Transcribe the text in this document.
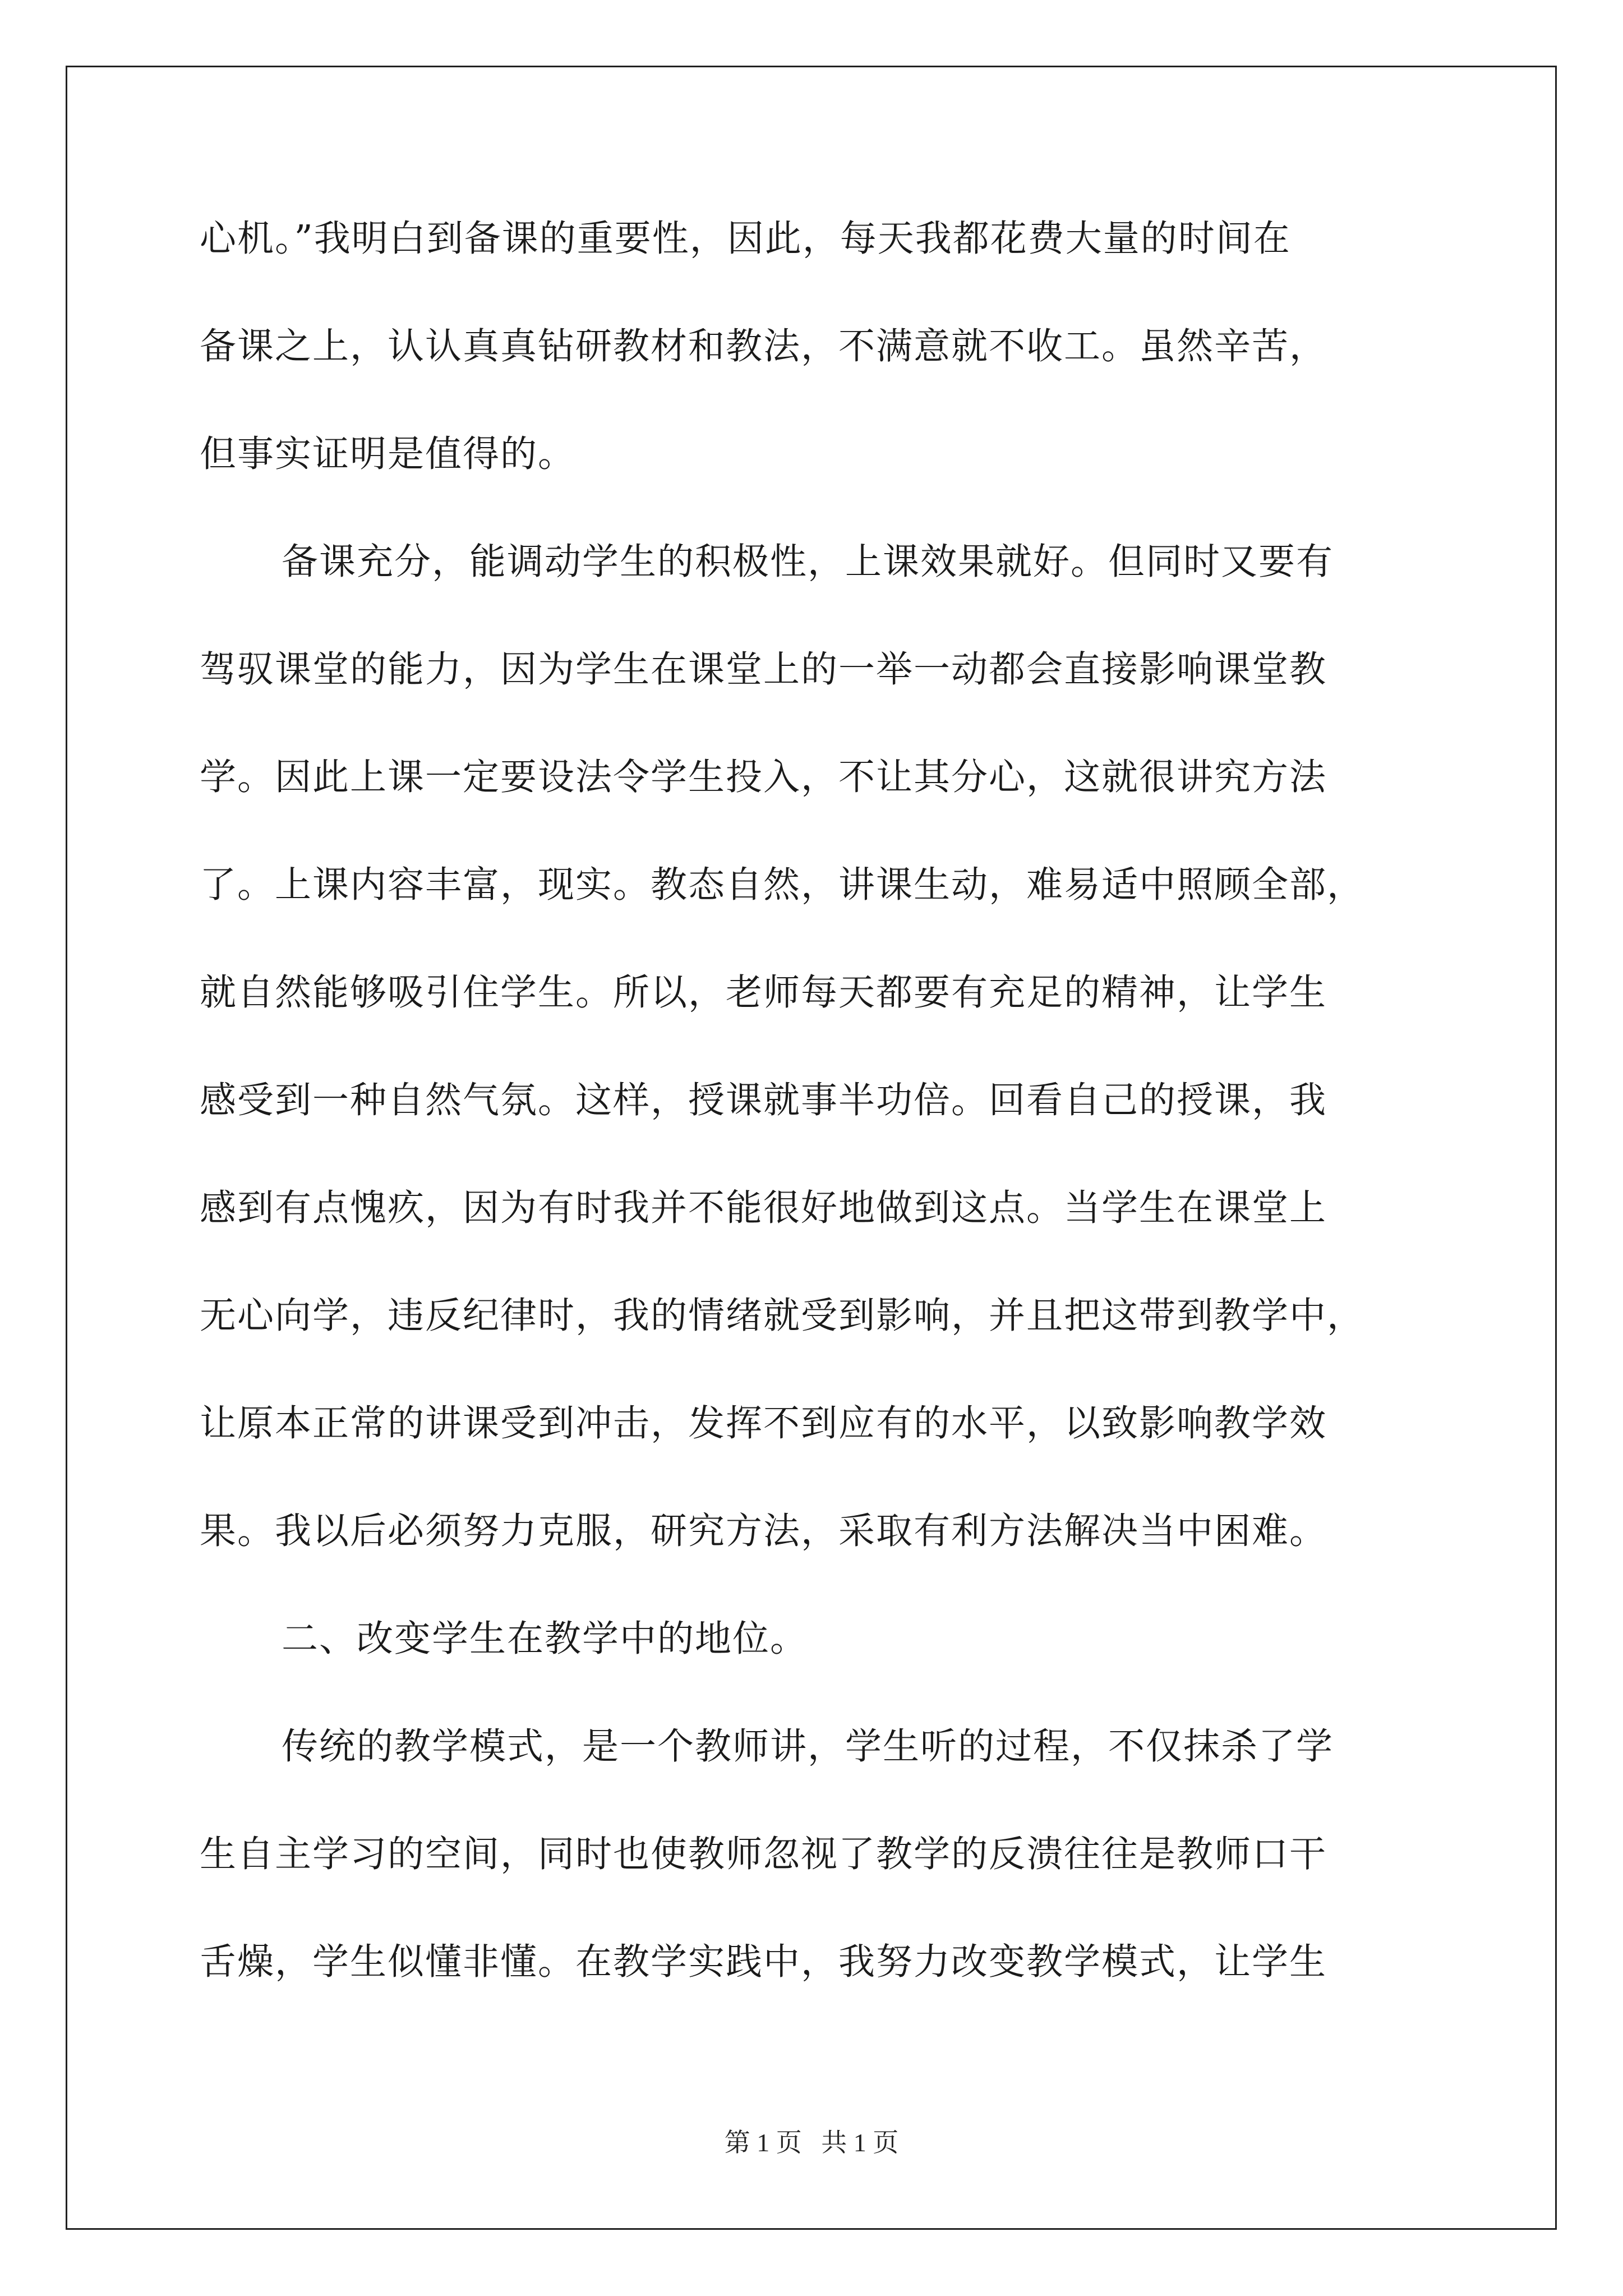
心机。”我明白到备课的重要性，因此，每天我都花费大量的时间在
备课之上，认认真真钻研教材和教法，不满意就不收工。虽然辛苦，
但事实证明是值得的。
备课充分，能调动学生的积极性，上课效果就好。但同时又要有
驾驭课堂的能力，因为学生在课堂上的一举一动都会直接影响课堂教
学。因此上课一定要设法令学生投入，不让其分心，这就很讲究方法
了。上课内容丰富，现实。教态自然，讲课生动，难易适中照顾全部，
就自然能够吸引住学生。所以，老师每天都要有充足的精神，让学生
感受到一种自然气氛。这样，授课就事半功倍。回看自己的授课，我
感到有点愧疚，因为有时我并不能很好地做到这点。当学生在课堂上
无心向学，违反纪律时，我的情绪就受到影响，并且把这带到教学中，
让原本正常的讲课受到冲击，发挥不到应有的水平，以致影响教学效
果。我以后必须努力克服，研究方法，采取有利方法解决当中困难。
二、改变学生在教学中的地位。
传统的教学模式，是一个教师讲，学生听的过程，不仅抹杀了学
生自主学习的空间，同时也使教师忽视了教学的反溃往往是教师口干
舌燥，学生似懂非懂。在教学实践中，我努力改变教学模式，让学生
第 1 页   共 1 页
